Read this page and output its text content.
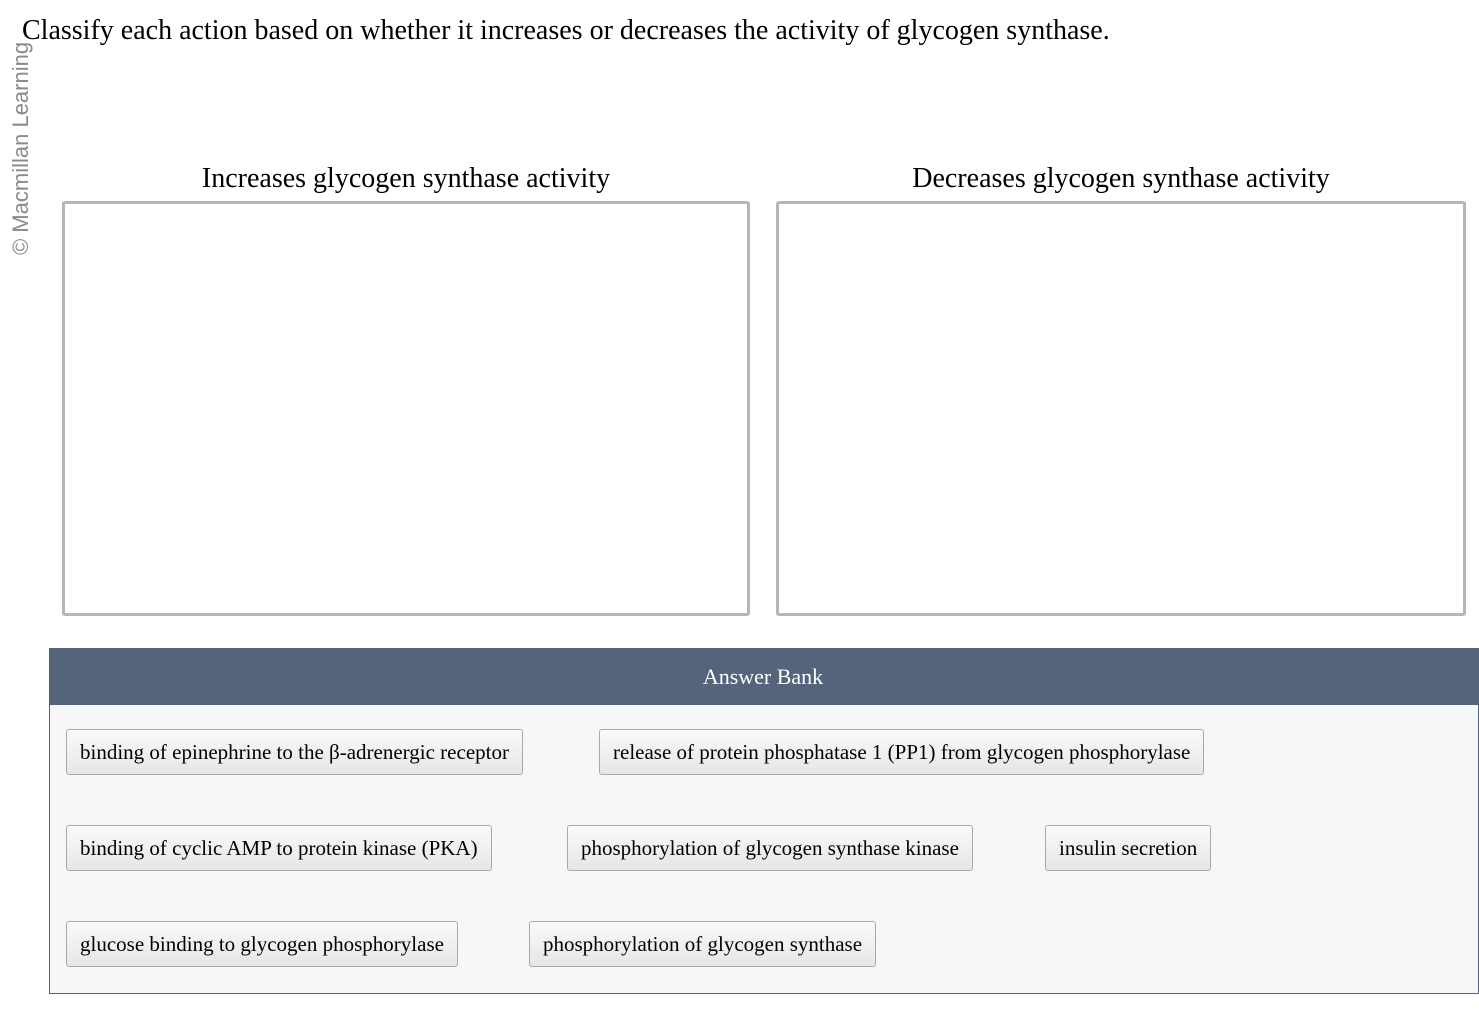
© Macmillan Learning
Classify each action based on whether it increases or decreases the activity of glycogen synthase.
Increases glycogen synthase activity	Decreases glycogen synthase activity
Answer Bank
binding of epinephrine to the β-adrenergic receptor	release of protein phosphatase 1 (PP1) from glycogen phosphorylase
binding of cyclic AMP to protein kinase (PKA)	phosphorylation of glycogen synthase kinase	insulin secretion
glucose binding to glycogen phosphorylase	phosphorylation of glycogen synthase
